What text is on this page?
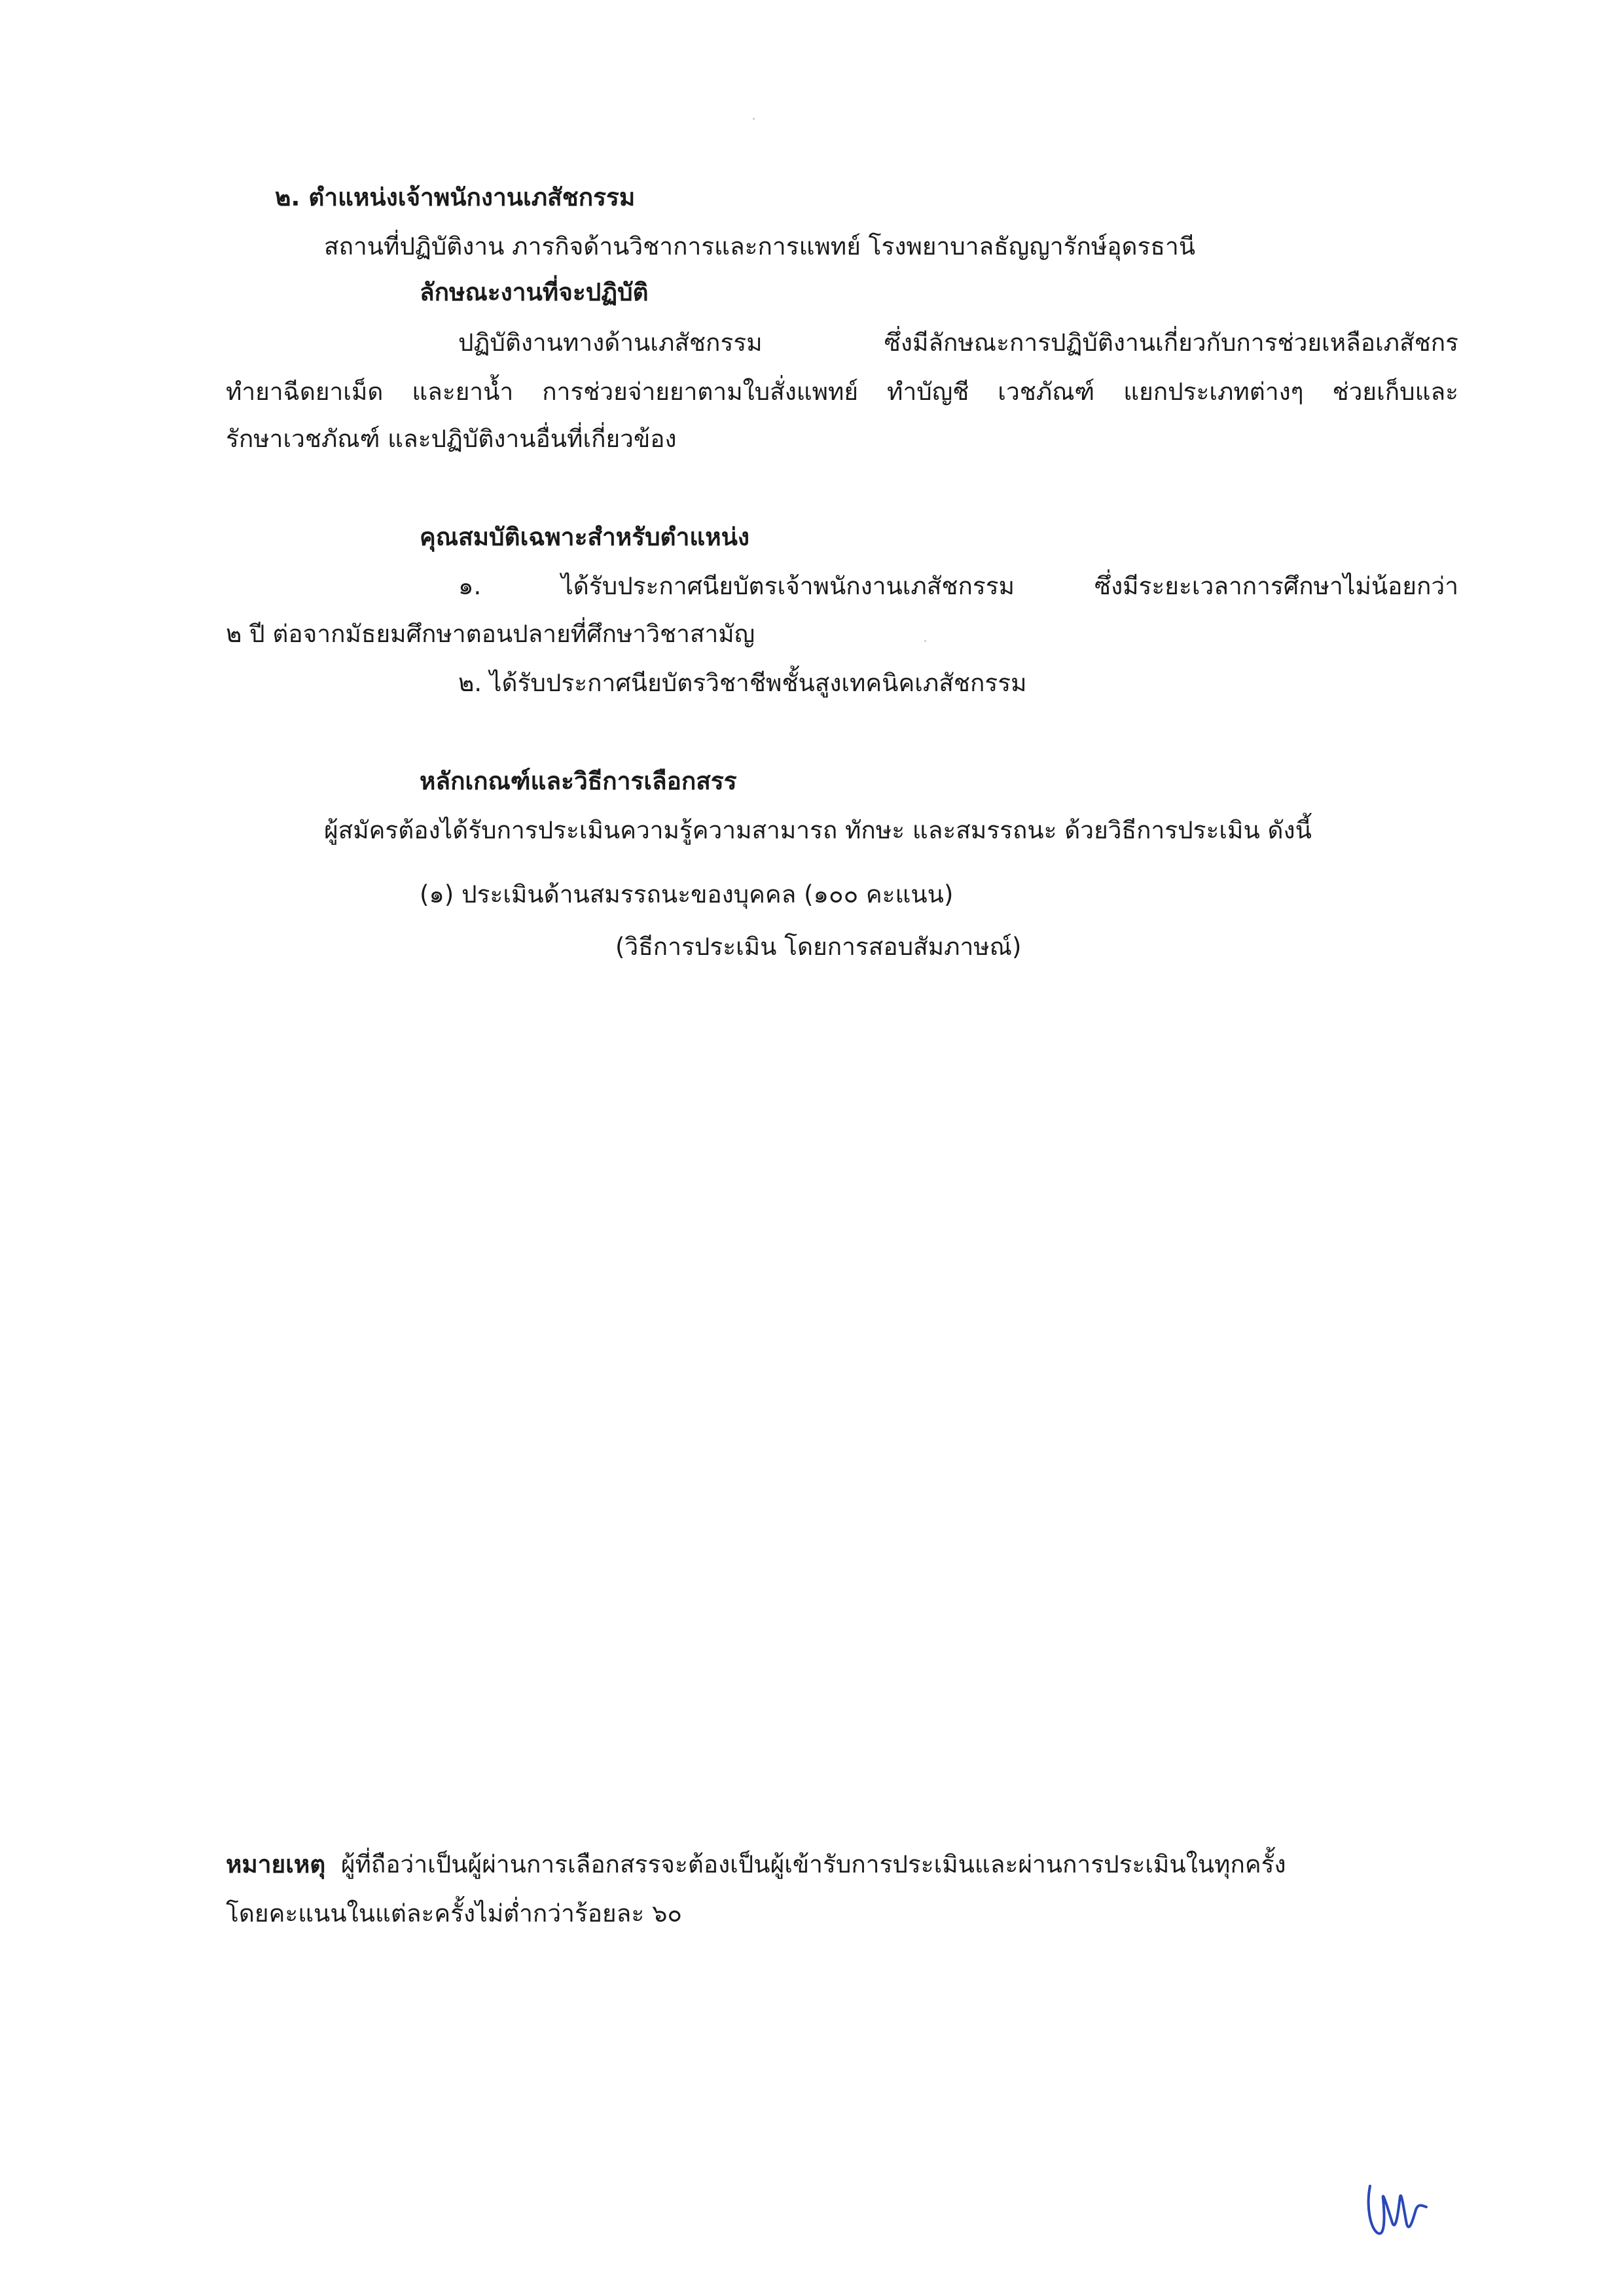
๒. ตำแหน่งเจ้าพนักงานเภสัชกรรม
สถานที่ปฏิบัติงาน ภารกิจด้านวิชาการและการแพทย์ โรงพยาบาลธัญญารักษ์อุดรธานี
ลักษณะงานที่จะปฏิบัติ
ปฏิบัติงานทางด้านเภสัชกรรม ซึ่งมีลักษณะการปฏิบัติงานเกี่ยวกับการช่วยเหลือเภสัชกร
ทำยาฉีดยาเม็ด และยาน้ำ การช่วยจ่ายยาตามใบสั่งแพทย์ ทำบัญชี เวชภัณฑ์ แยกประเภทต่างๆ ช่วยเก็บและ
รักษาเวชภัณฑ์ และปฏิบัติงานอื่นที่เกี่ยวข้อง
คุณสมบัติเฉพาะสำหรับตำแหน่ง
๑. ได้รับประกาศนียบัตรเจ้าพนักงานเภสัชกรรม ซึ่งมีระยะเวลาการศึกษาไม่น้อยกว่า
๒ ปี ต่อจากมัธยมศึกษาตอนปลายที่ศึกษาวิชาสามัญ
๒. ได้รับประกาศนียบัตรวิชาชีพชั้นสูงเทคนิคเภสัชกรรม
หลักเกณฑ์และวิธีการเลือกสรร
ผู้สมัครต้องได้รับการประเมินความรู้ความสามารถ ทักษะ และสมรรถนะ ด้วยวิธีการประเมิน ดังนี้
(๑) ประเมินด้านสมรรถนะของบุคคล (๑๐๐ คะแนน)
(วิธีการประเมิน โดยการสอบสัมภาษณ์)
หมายเหตุ ผู้ที่ถือว่าเป็นผู้ผ่านการเลือกสรรจะต้องเป็นผู้เข้ารับการประเมินและผ่านการประเมินในทุกครั้ง
โดยคะแนนในแต่ละครั้งไม่ต่ำกว่าร้อยละ ๖๐
